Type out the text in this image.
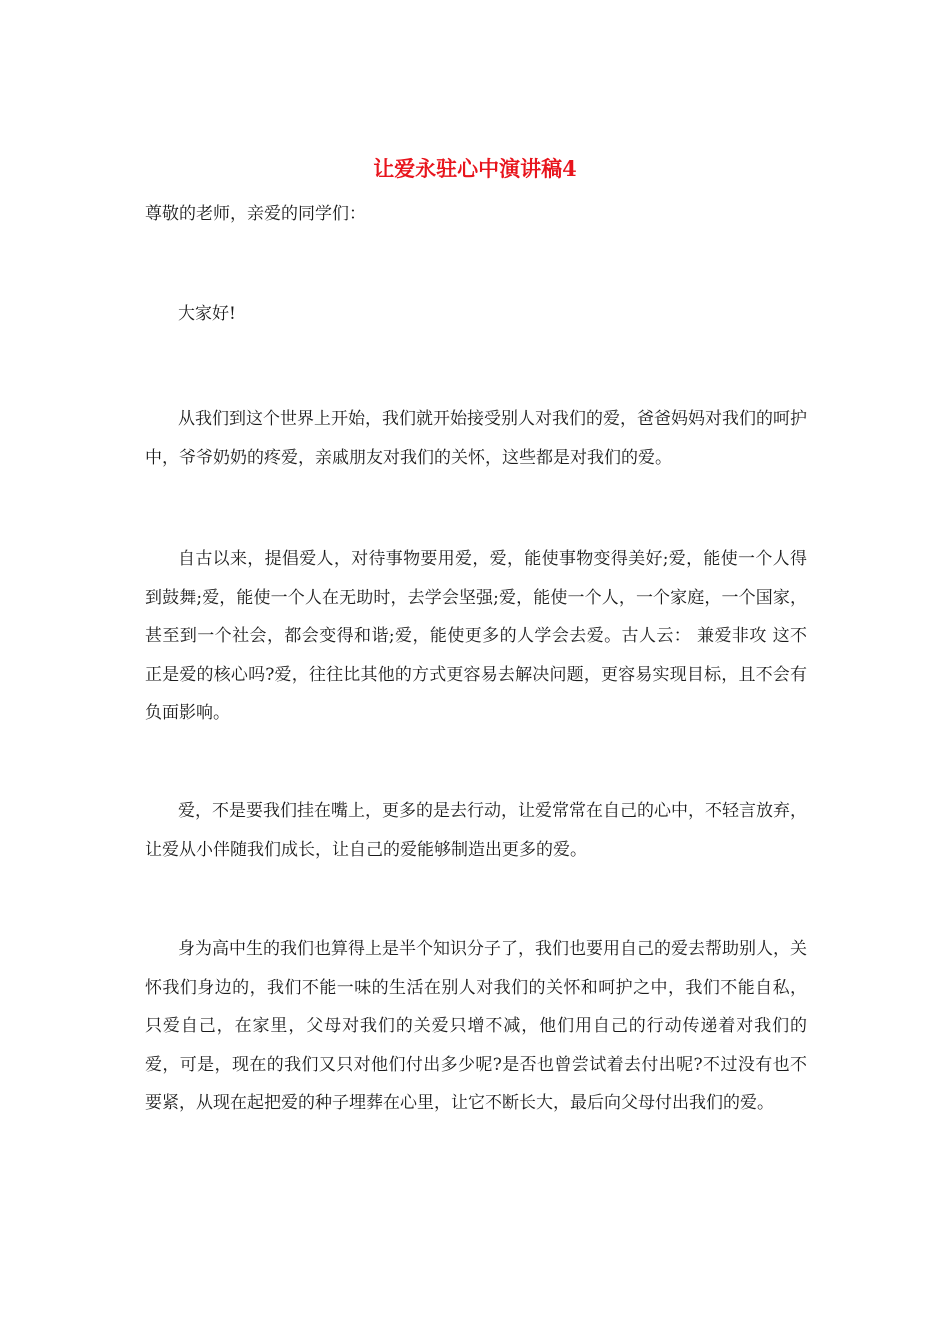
让爱永驻心中演讲稿4

尊敬的老师，亲爱的同学们：

大家好!

从我们到这个世界上开始，我们就开始接受别人对我们的爱，爸爸妈妈对我们的呵护中，爷爷奶奶的疼爱，亲戚朋友对我们的关怀，这些都是对我们的爱。

自古以来，提倡爱人，对待事物要用爱，爱，能使事物变得美好;爱，能使一个人得到鼓舞;爱，能使一个人在无助时，去学会坚强;爱，能使一个人，一个家庭，一个国家，甚至到一个社会，都会变得和谐;爱，能使更多的人学会去爱。古人云： 兼爱非攻 这不正是爱的核心吗?爱，往往比其他的方式更容易去解决问题，更容易实现目标，且不会有负面影响。

爱，不是要我们挂在嘴上，更多的是去行动，让爱常常在自己的心中，不轻言放弃，让爱从小伴随我们成长，让自己的爱能够制造出更多的爱。

身为高中生的我们也算得上是半个知识分子了，我们也要用自己的爱去帮助别人，关怀我们身边的，我们不能一味的生活在别人对我们的关怀和呵护之中，我们不能自私，只爱自己，在家里，父母对我们的关爱只增不减，他们用自己的行动传递着对我们的爱，可是，现在的我们又只对他们付出多少呢?是否也曾尝试着去付出呢?不过没有也不要紧，从现在起把爱的种子埋葬在心里，让它不断长大，最后向父母付出我们的爱。
